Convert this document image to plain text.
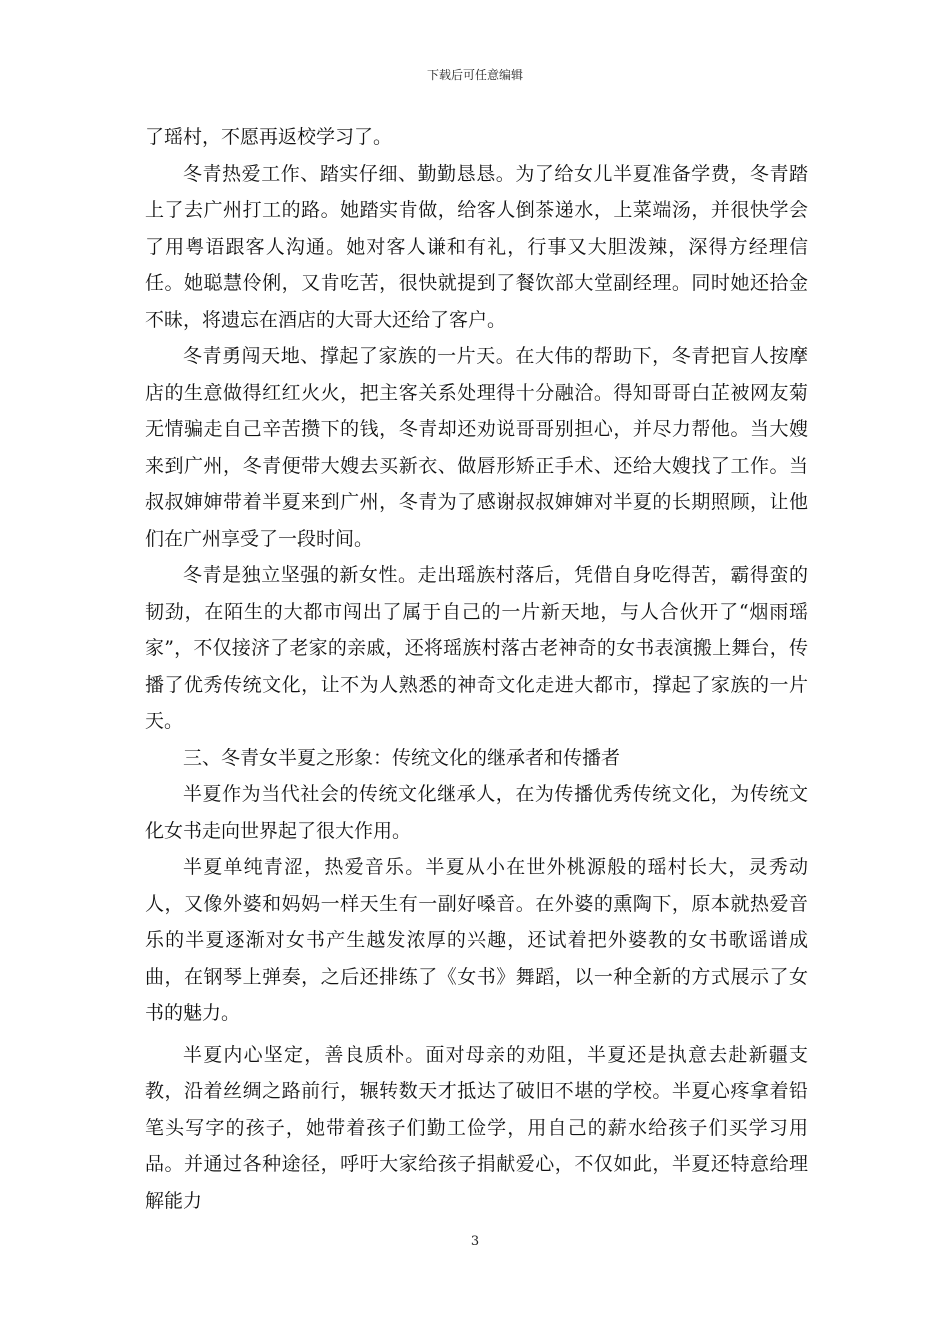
下载后可任意编辑

了瑶村，不愿再返校学习了。

冬青热爱工作、踏实仔细、勤勤恳恳。为了给女儿半夏准备学费，冬青踏上了去广州打工的路。她踏实肯做，给客人倒茶递水，上菜端汤，并很快学会了用粤语跟客人沟通。她对客人谦和有礼，行事又大胆泼辣，深得方经理信任。她聪慧伶俐，又肯吃苦，很快就提到了餐饮部大堂副经理。同时她还拾金不昧，将遗忘在酒店的大哥大还给了客户。

冬青勇闯天地、撑起了家族的一片天。在大伟的帮助下，冬青把盲人按摩店的生意做得红红火火，把主客关系处理得十分融洽。得知哥哥白芷被网友菊无情骗走自己辛苦攒下的钱，冬青却还劝说哥哥别担心，并尽力帮他。当大嫂来到广州，冬青便带大嫂去买新衣、做唇形矫正手术、还给大嫂找了工作。当叔叔婶婶带着半夏来到广州，冬青为了感谢叔叔婶婶对半夏的长期照顾，让他们在广州享受了一段时间。

冬青是独立坚强的新女性。走出瑶族村落后，凭借自身吃得苦，霸得蛮的韧劲，在陌生的大都市闯出了属于自己的一片新天地，与人合伙开了“烟雨瑶家”，不仅接济了老家的亲戚，还将瑶族村落古老神奇的女书表演搬上舞台，传播了优秀传统文化，让不为人熟悉的神奇文化走进大都市，撑起了家族的一片天。

三、冬青女半夏之形象：传统文化的继承者和传播者

半夏作为当代社会的传统文化继承人，在为传播优秀传统文化，为传统文化女书走向世界起了很大作用。

半夏单纯青涩，热爱音乐。半夏从小在世外桃源般的瑶村长大，灵秀动人，又像外婆和妈妈一样天生有一副好嗓音。在外婆的熏陶下，原本就热爱音乐的半夏逐渐对女书产生越发浓厚的兴趣，还试着把外婆教的女书歌谣谱成曲，在钢琴上弹奏，之后还排练了《女书》舞蹈，以一种全新的方式展示了女书的魅力。

半夏内心坚定，善良质朴。面对母亲的劝阻，半夏还是执意去赴新疆支教，沿着丝绸之路前行，辗转数天才抵达了破旧不堪的学校。半夏心疼拿着铅笔头写字的孩子，她带着孩子们勤工俭学，用自己的薪水给孩子们买学习用品。并通过各种途径，呼吁大家给孩子捐献爱心，不仅如此，半夏还特意给理解能力

3
